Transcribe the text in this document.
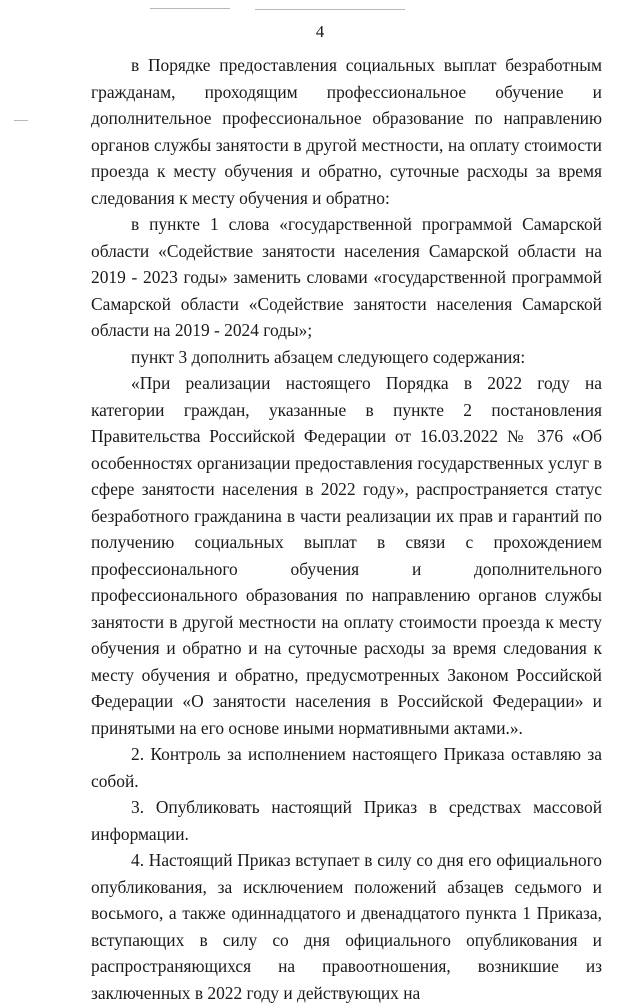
4

в Порядке предоставления социальных выплат безработным гражданам, проходящим профессиональное обучение и дополнительное профессиональное образование по направлению органов службы занятости в другой местности, на оплату стоимости проезда к месту обучения и обратно, суточные расходы за время следования к месту обучения и обратно:

в пункте 1 слова «государственной программой Самарской области «Содействие занятости населения Самарской области на 2019 - 2023 годы» заменить словами «государственной программой Самарской области «Содействие занятости населения Самарской области на 2019 - 2024 годы»;

пункт 3 дополнить абзацем следующего содержания:

«При реализации настоящего Порядка в 2022 году на категории граждан, указанные в пункте 2 постановления Правительства Российской Федерации от 16.03.2022 № 376 «Об особенностях организации предоставления государственных услуг в сфере занятости населения в 2022 году», распространяется статус безработного гражданина в части реализации их прав и гарантий по получению социальных выплат в связи с прохождением профессионального обучения и дополнительного профессионального образования по направлению органов службы занятости в другой местности на оплату стоимости проезда к месту обучения и обратно и на суточные расходы за время следования к месту обучения и обратно, предусмотренных Законом Российской Федерации «О занятости населения в Российской Федерации» и принятыми на его основе иными нормативными актами.».

2. Контроль за исполнением настоящего Приказа оставляю за собой.

3. Опубликовать настоящий Приказ в средствах массовой информации.

4. Настоящий Приказ вступает в силу со дня его официального опубликования, за исключением положений абзацев седьмого и восьмого, а также одиннадцатого и двенадцатого пункта 1 Приказа, вступающих в силу со дня официального опубликования и распространяющихся на правоотношения, возникшие из заключенных в 2022 году и действующих на
